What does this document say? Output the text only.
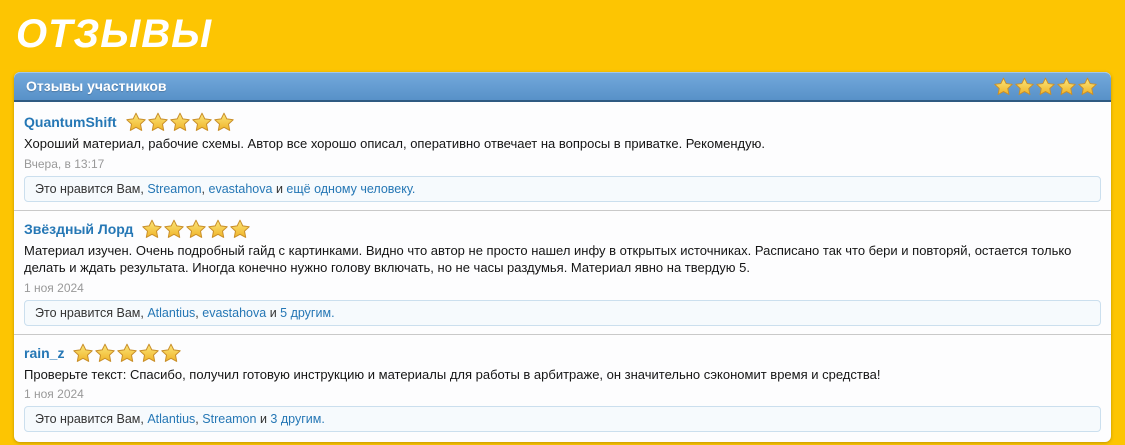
ОТЗЫВЫ
Отзывы участников
QuantumShift
Хороший материал, рабочие схемы. Автор все хорошо описал, оперативно отвечает на вопросы в приватке. Рекомендую.
Вчера, в 13:17
Это нравится Вам, Streamon, evastahova и ещё одному человеку.
Звёздный Лорд
Материал изучен. Очень подробный гайд с картинками. Видно что автор не просто нашел инфу в открытых источниках. Расписано так что бери и повторяй, остается только делать и ждать результата. Иногда конечно нужно голову включать, но не часы раздумья. Материал явно на твердую 5.
1 ноя 2024
Это нравится Вам, Atlantius, evastahova и 5 другим.
rain_z
Проверьте текст: Спасибо, получил готовую инструкцию и материалы для работы в арбитраже, он значительно сэкономит время и средства!
1 ноя 2024
Это нравится Вам, Atlantius, Streamon и 3 другим.
